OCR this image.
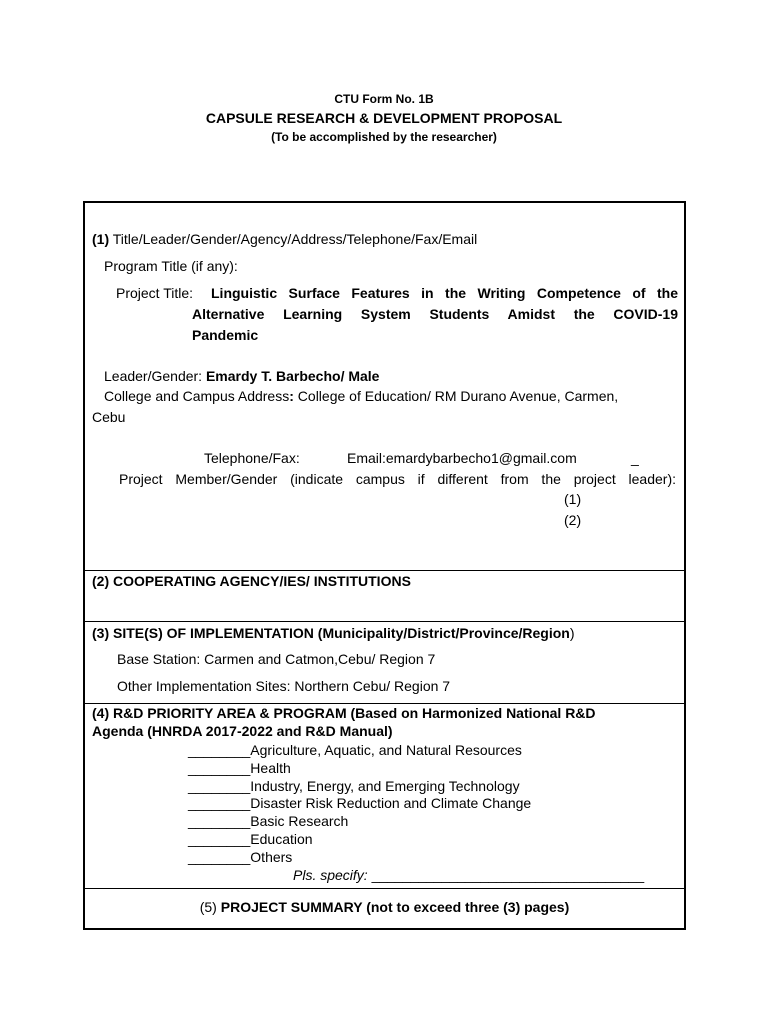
CTU Form No. 1B
CAPSULE RESEARCH & DEVELOPMENT PROPOSAL
(To be accomplished by the researcher)
(1) Title/Leader/Gender/Agency/Address/Telephone/Fax/Email
Program Title (if any):
Project Title: Linguistic Surface Features in the Writing Competence of the
Alternative Learning System Students Amidst the COVID-19
Pandemic
Leader/Gender: Emardy T. Barbecho/ Male
College and Campus Address: College of Education/ RM Durano Avenue, Carmen,
Cebu
Telephone/Fax:	Email:emardybarbecho1@gmail.com	_
Project Member/Gender (indicate campus if different from the project leader):
(1)
(2)
(2) COOPERATING AGENCY/IES/ INSTITUTIONS
(3) SITE(S) OF IMPLEMENTATION (Municipality/District/Province/Region)
Base Station: Carmen and Catmon,Cebu/ Region 7
Other Implementation Sites: Northern Cebu/ Region 7
(4) R&D PRIORITY AREA & PROGRAM (Based on Harmonized National R&D
Agenda (HNRDA 2017-2022 and R&D Manual)
________Agriculture, Aquatic, and Natural Resources
________Health
________Industry, Energy, and Emerging Technology
________Disaster Risk Reduction and Climate Change
________Basic Research
________Education
________Others
Pls. specify: ___________________________________
(5) PROJECT SUMMARY (not to exceed three (3) pages)
